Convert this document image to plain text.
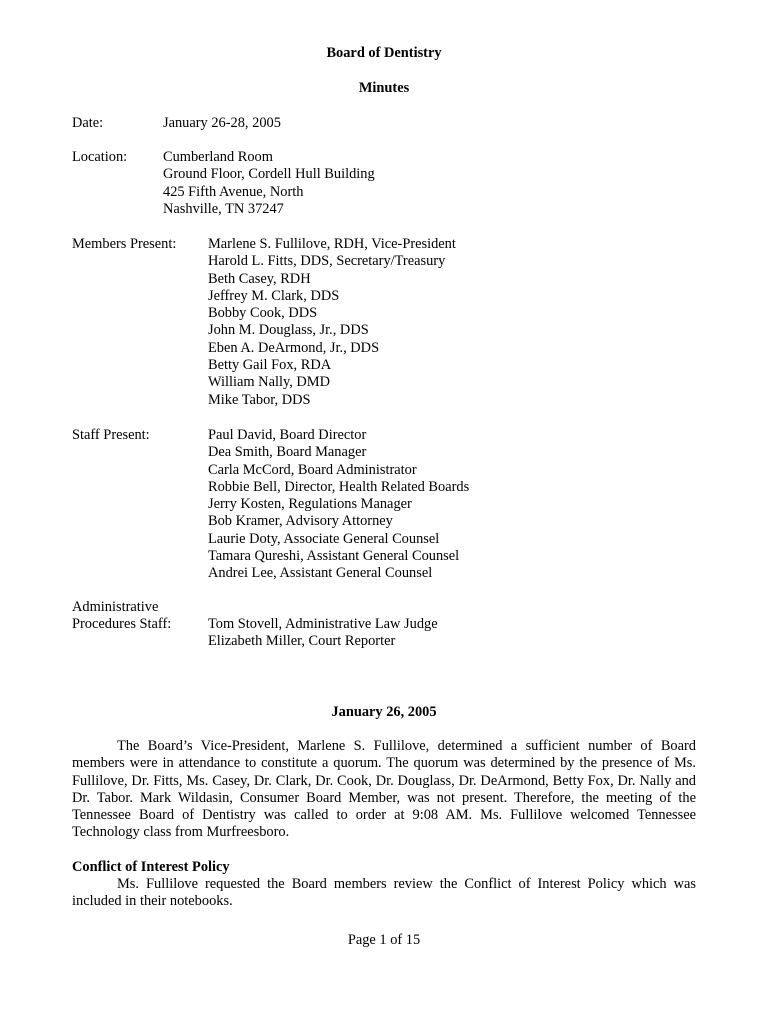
Board of Dentistry
Minutes
Date:	January 26-28, 2005
Location: Cumberland Room
Ground Floor, Cordell Hull Building
425 Fifth Avenue, North
Nashville, TN 37247
Members Present: Marlene S. Fullilove, RDH, Vice-President
Harold L. Fitts, DDS, Secretary/Treasury
Beth Casey, RDH
Jeffrey M. Clark, DDS
Bobby Cook, DDS
John M. Douglass, Jr., DDS
Eben A. DeArmond, Jr., DDS
Betty Gail Fox, RDA
William Nally, DMD
Mike Tabor, DDS
Staff Present:	Paul David, Board Director
Dea Smith, Board Manager
Carla McCord, Board Administrator
Robbie Bell, Director, Health Related Boards
Jerry Kosten, Regulations Manager
Bob Kramer, Advisory Attorney
Laurie Doty, Associate General Counsel
Tamara Qureshi, Assistant General Counsel
Andrei Lee, Assistant General Counsel
Administrative
Procedures Staff:	Tom Stovell, Administrative Law Judge
Elizabeth Miller, Court Reporter
January 26, 2005
The Board’s Vice-President, Marlene S. Fullilove, determined a sufficient number of Board members were in attendance to constitute a quorum. The quorum was determined by the presence of Ms. Fullilove, Dr. Fitts, Ms. Casey, Dr. Clark, Dr. Cook, Dr. Douglass, Dr. DeArmond, Betty Fox, Dr. Nally and Dr. Tabor. Mark Wildasin, Consumer Board Member, was not present. Therefore, the meeting of the Tennessee Board of Dentistry was called to order at 9:08 AM. Ms. Fullilove welcomed Tennessee Technology class from Murfreesboro.
Conflict of Interest Policy
Ms. Fullilove requested the Board members review the Conflict of Interest Policy which was included in their notebooks.
Page 1 of 15
